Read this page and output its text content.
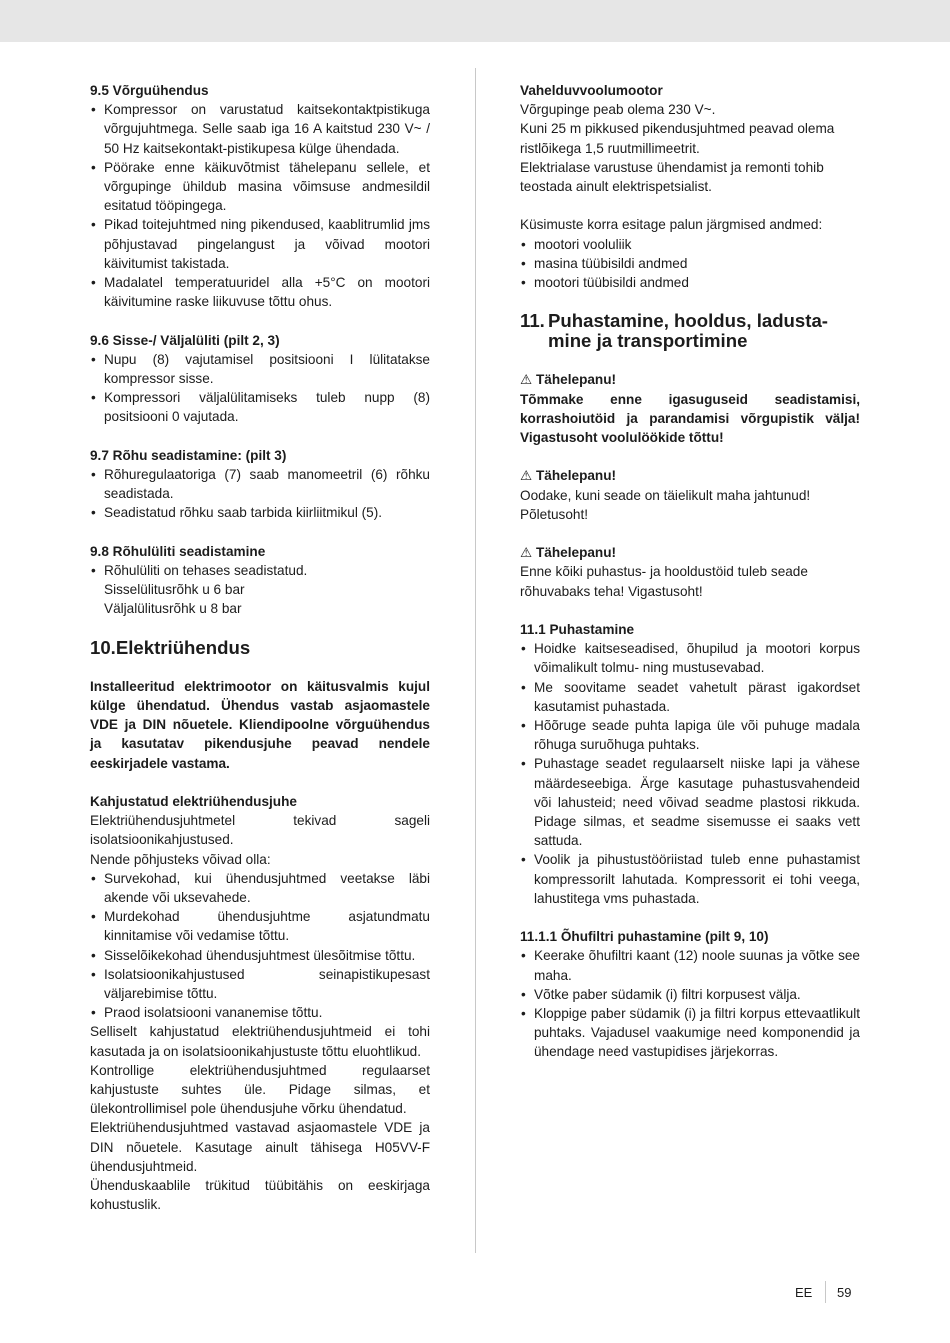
9.5 Võrguühendus
• Kompressor on varustatud kaitsekontaktpistikuga võrgujuhtmega. Selle saab iga 16 A kaitstud 230 V~ / 50 Hz kaitsekontakt-pistikupesa külge ühendada.
• Pöörake enne käikuvõtmist tähelepanu sellele, et võrgupinge ühildub masina võimsuse andmesildil esitatud tööpingega.
• Pikad toitejuhtmed ning pikendused, kaablitrumlid jms põhjustavad pingelangust ja võivad mootori käivitumist takistada.
• Madalatel temperatuuridel alla +5°C on mootori käivitumine raske liikuvuse tõttu ohus.
9.6 Sisse-/ Väljalüliti (pilt 2, 3)
• Nupu (8) vajutamisel positsiooni I lülitatakse kompressor sisse.
• Kompressori väljalülitamiseks tuleb nupp (8) positsiooni 0 vajutada.
9.7 Rõhu seadistamine: (pilt 3)
• Rõhuregulaatoriga (7) saab manomeetril (6) rõhku seadistada.
• Seadistatud rõhku saab tarbida kiirliitmikul (5).
9.8 Rõhulüliti seadistamine
• Rõhulüliti on tehases seadistatud.
Sisselülitusrõhk u 6 bar
Väljalülitusrõhk u 8 bar
10.Elektriühendus

Installeeritud elektrimootor on käitusvalmis kujul külge ühendatud. Ühendus vastab asjaomastele VDE ja DIN nõuetele. Kliendipoolne võrguühendus ja kasutatav pikendusjuhe peavad nendele eeskirjadele vastama.

Kahjustatud elektriühendusjuhe

Elektriühendusjuhtmetel tekivad sageli isolatsioonikahjustused.

Nende põhjusteks võivad olla:

• Survekohad, kui ühendusjuhtmed veetakse läbi akende või uksevahede.
• Murdekohad ühendusjuhtme asjatundmatu kinnitamise või vedamise tõttu.
• Sisselõikekohad ühendusjuhtmest ülesõitmise tõttu.
• Isolatsioonikahjustused seinapistikupesast väljarebimise tõttu.
• Praod isolatsiooni vananemise tõttu.

Selliselt kahjustatud elektriühendusjuhtmeid ei tohi kasutada ja on isolatsioonikahjustuste tõttu eluohtlikud.

Kontrollige elektriühendusjuhtmed regulaarset kahjustuste suhtes üle. Pidage silmas, et ülekontrollimisel pole ühendusjuhe võrku ühendatud.

Elektriühendusjuhtmed vastavad asjaomastele VDE ja DIN nõuetele. Kasutage ainult tähisega H05VV-F ühendusjuhtmeid.

Ühenduskaablile trükitud tüübitähis on eeskirjaga kohustuslik.

Vahelduvvoolumootor

Võrgupinge peab olema 230 V~.

Kuni 25 m pikkused pikendusjuhtmed peavad olema ristlõikega 1,5 ruutmillimeetrit.

Elektrialase varustuse ühendamist ja remonti tohib teostada ainult elektrispetsialist.

Küsimuste korra esitage palun järgmised andmed:

• mootori vooluliik
• masina tüübisildi andmed
• mootori tüübisildi andmed
11. Puhastamine, hooldus, ladusta-
mine ja transportimine
⚠ Tähelepanu!

Tõmmake enne igasuguseid seadistamisi, korrashoiutöid ja parandamisi võrgupistik välja! Vigastusoht voolulöökide tõttu!

⚠ Tähelepanu!

Oodake, kuni seade on täielikult maha jahtunud! Põletusoht!

⚠ Tähelepanu!

Enne kõiki puhastus- ja hooldustöid tuleb seade rõhuvabaks teha! Vigastusoht!

11.1 Puhastamine
• Hoidke kaitseseadised, õhupilud ja mootori korpus võimalikult tolmu- ning mustusevabad.
• Me soovitame seadet vahetult pärast igakordset kasutamist puhastada.
• Hõõruge seade puhta lapiga üle või puhuge madala rõhuga suruõhuga puhtaks.
• Puhastage seadet regulaarselt niiske lapi ja vähese määrdeseebiga. Ärge kasutage puhastusvahendeid või lahusteid; need võivad seadme plastosi rikkuda. Pidage silmas, et seadme sisemusse ei saaks vett sattuda.
• Voolik ja pihustustööriistad tuleb enne puhastamist kompressorilt lahutada. Kompressorit ei tohi veega, lahustitega vms puhastada.
11.1.1 Õhufiltri puhastamine (pilt 9, 10)
• Keerake õhufiltri kaant (12) noole suunas ja võtke see maha.
• Võtke paber südamik (i) filtri korpusest välja.
• Kloppige paber südamik (i) ja filtri korpus ettevaatlikult puhtaks. Vajadusel vaakumige need komponendid ja ühendage need vastupidises järjekorras.
EE 59
